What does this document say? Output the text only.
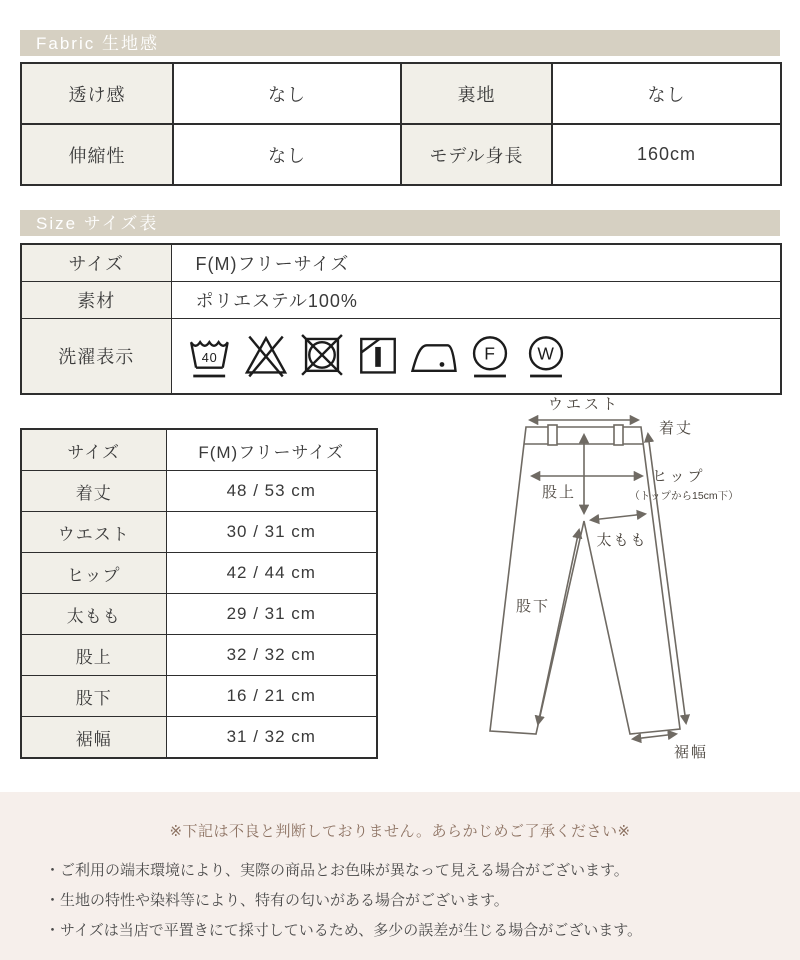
Fabric 生地感
透け感	なし	裏地	なし
伸縮性	なし	モデル身長	160cm
Size サイズ表
サイズ	F(M)フリーサイズ
素材	ポリエステル100%
洗濯表示	40 F W
サイズ	F(M)フリーサイズ
着丈	48 / 53 cm
ウエスト	30 / 31 cm
ヒップ	42 / 44 cm
太もも	29 / 31 cm
股上	32 / 32 cm
股下	16 / 21 cm
裾幅	31 / 32 cm
ウエスト
着丈
ヒップ
（トップから15cm下）
股上
太もも
股下
裾幅
※下記は不良と判断しておりません。あらかじめご了承ください※
・ご利用の端末環境により、実際の商品とお色味が異なって見える場合がございます。
・生地の特性や染料等により、特有の匂いがある場合がございます。
・サイズは当店で平置きにて採寸しているため、多少の誤差が生じる場合がございます。
